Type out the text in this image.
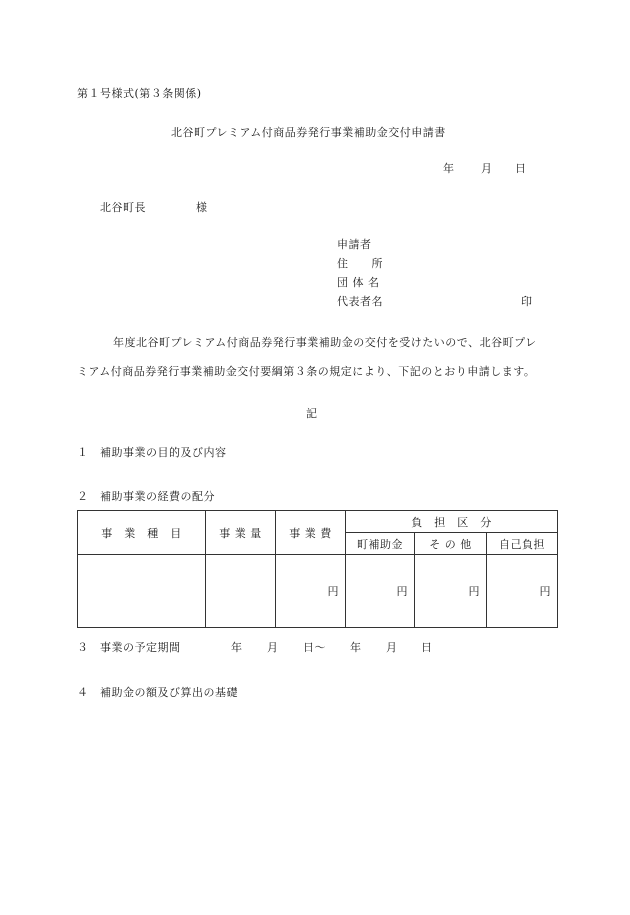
第１号様式(第３条関係)
北谷町プレミアム付商品券発行事業補助金交付申請書
年 月 日
北谷町長	様
申請者
住　　所
団 体 名
代表者名	印
年度北谷町プレミアム付商品券発行事業補助金の交付を受けたいので、北谷町プレ
ミアム付商品券発行事業補助金交付要綱第３条の規定により、下記のとおり申請します。
記
１ 補助事業の目的及び内容
２ 補助事業の経費の配分
事　業　種　目	事 業 量	事 業 費	負　担　区　分		
			町補助金	そ の 他	自己負担
		円	円	円	円
３ 事業の予定期間	年 月 日～ 年 月 日
４ 補助金の額及び算出の基礎
